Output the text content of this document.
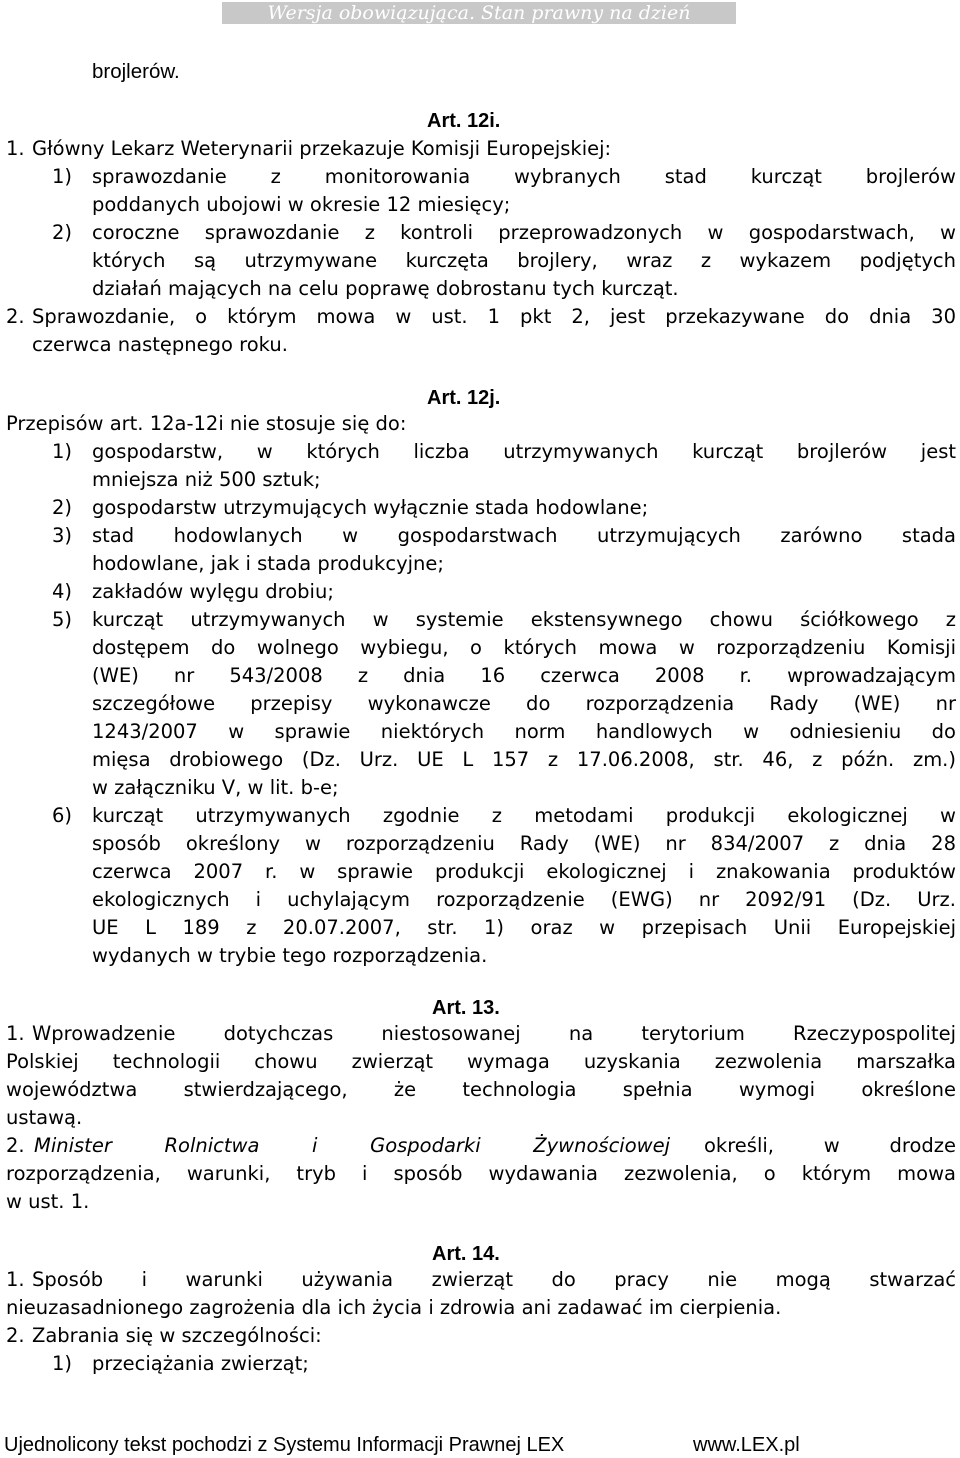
Wersja obowiązująca. Stan prawny na dzień 06.06.2014
brojlerów.
Art. 12i.
1. Główny Lekarz Weterynarii przekazuje Komisji Europejskiej:
1) sprawozdanie z monitorowania wybranych stad kurcząt brojlerów
poddanych ubojowi w okresie 12 miesięcy;
2) coroczne sprawozdanie z kontroli przeprowadzonych w gospodarstwach, w
których są utrzymywane kurczęta brojlery, wraz z wykazem podjętych
działań mających na celu poprawę dobrostanu tych kurcząt.
2. Sprawozdanie, o którym mowa w ust. 1 pkt 2, jest przekazywane do dnia 30
czerwca następnego roku.
Art. 12j.
Przepisów art. 12a-12i nie stosuje się do:
1) gospodarstw, w których liczba utrzymywanych kurcząt brojlerów jest
mniejsza niż 500 sztuk;
2) gospodarstw utrzymujących wyłącznie stada hodowlane;
3) stad hodowlanych w gospodarstwach utrzymujących zarówno stada
hodowlane, jak i stada produkcyjne;
4) zakładów wylęgu drobiu;
5) kurcząt utrzymywanych w systemie ekstensywnego chowu ściółkowego z
dostępem do wolnego wybiegu, o których mowa w rozporządzeniu Komisji
(WE) nr 543/2008 z dnia 16 czerwca 2008 r. wprowadzającym
szczegółowe przepisy wykonawcze do rozporządzenia Rady (WE) nr
1243/2007 w sprawie niektórych norm handlowych w odniesieniu do
mięsa drobiowego (Dz. Urz. UE L 157 z 17.06.2008, str. 46, z późn. zm.)
w załączniku V, w lit. b-e;
6) kurcząt utrzymywanych zgodnie z metodami produkcji ekologicznej w
sposób określony w rozporządzeniu Rady (WE) nr 834/2007 z dnia 28
czerwca 2007 r. w sprawie produkcji ekologicznej i znakowania produktów
ekologicznych i uchylającym rozporządzenie (EWG) nr 2092/91 (Dz. Urz.
UE L 189 z 20.07.2007, str. 1) oraz w przepisach Unii Europejskiej
wydanych w trybie tego rozporządzenia.
Art. 13.
1. Wprowadzenie dotychczas niestosowanej na terytorium Rzeczypospolitej
Polskiej technologii chowu zwierząt wymaga uzyskania zezwolenia marszałka
województwa stwierdzającego, że technologia spełnia wymogi określone
ustawą.
2. Minister Rolnictwa i Gospodarki Żywnościowej określi, w drodze
rozporządzenia, warunki, tryb i sposób wydawania zezwolenia, o którym mowa
w ust. 1.
Art. 14.
1. Sposób i warunki używania zwierząt do pracy nie mogą stwarzać
nieuzasadnionego zagrożenia dla ich życia i zdrowia ani zadawać im cierpienia.
2. Zabrania się w szczególności:
1) przeciążania zwierząt;
Ujednolicony tekst pochodzi z Systemu Informacji Prawnej LEX	www.LEX.pl
